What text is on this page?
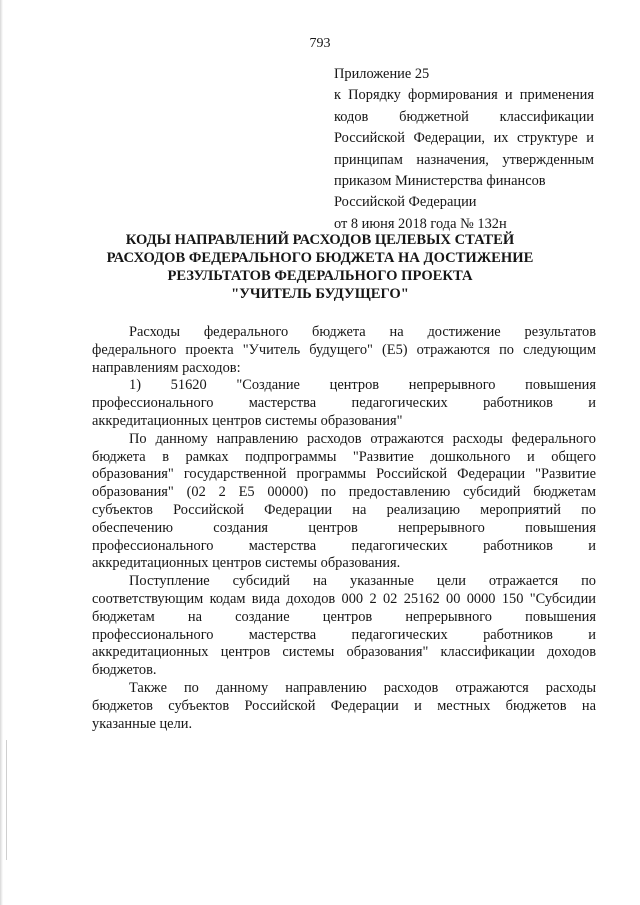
793
Приложение 25
к Порядку формирования и применения
кодов бюджетной классификации
Российской Федерации, их структуре и
принципам назначения, утвержденным
приказом Министерства финансов
Российской Федерации
от 8 июня 2018 года № 132н
КОДЫ НАПРАВЛЕНИЙ РАСХОДОВ ЦЕЛЕВЫХ СТАТЕЙ
РАСХОДОВ ФЕДЕРАЛЬНОГО БЮДЖЕТА НА ДОСТИЖЕНИЕ
РЕЗУЛЬТАТОВ ФЕДЕРАЛЬНОГО ПРОЕКТА
"УЧИТЕЛЬ БУДУЩЕГО"
Расходы федерального бюджета на достижение результатов
федерального проекта "Учитель будущего" (Е5) отражаются по следующим
направлениям расходов:
1) 51620 "Создание центров непрерывного повышения
профессионального мастерства педагогических работников и
аккредитационных центров системы образования"
По данному направлению расходов отражаются расходы федерального
бюджета в рамках подпрограммы "Развитие дошкольного и общего
образования" государственной программы Российской Федерации "Развитие
образования" (02 2 Е5 00000) по предоставлению субсидий бюджетам
субъектов Российской Федерации на реализацию мероприятий по
обеспечению создания центров непрерывного повышения
профессионального мастерства педагогических работников и
аккредитационных центров системы образования.
Поступление субсидий на указанные цели отражается по
соответствующим кодам вида доходов 000 2 02 25162 00 0000 150 "Субсидии
бюджетам на создание центров непрерывного повышения
профессионального мастерства педагогических работников и
аккредитационных центров системы образования" классификации доходов
бюджетов.
Также по данному направлению расходов отражаются расходы
бюджетов субъектов Российской Федерации и местных бюджетов на
указанные цели.
